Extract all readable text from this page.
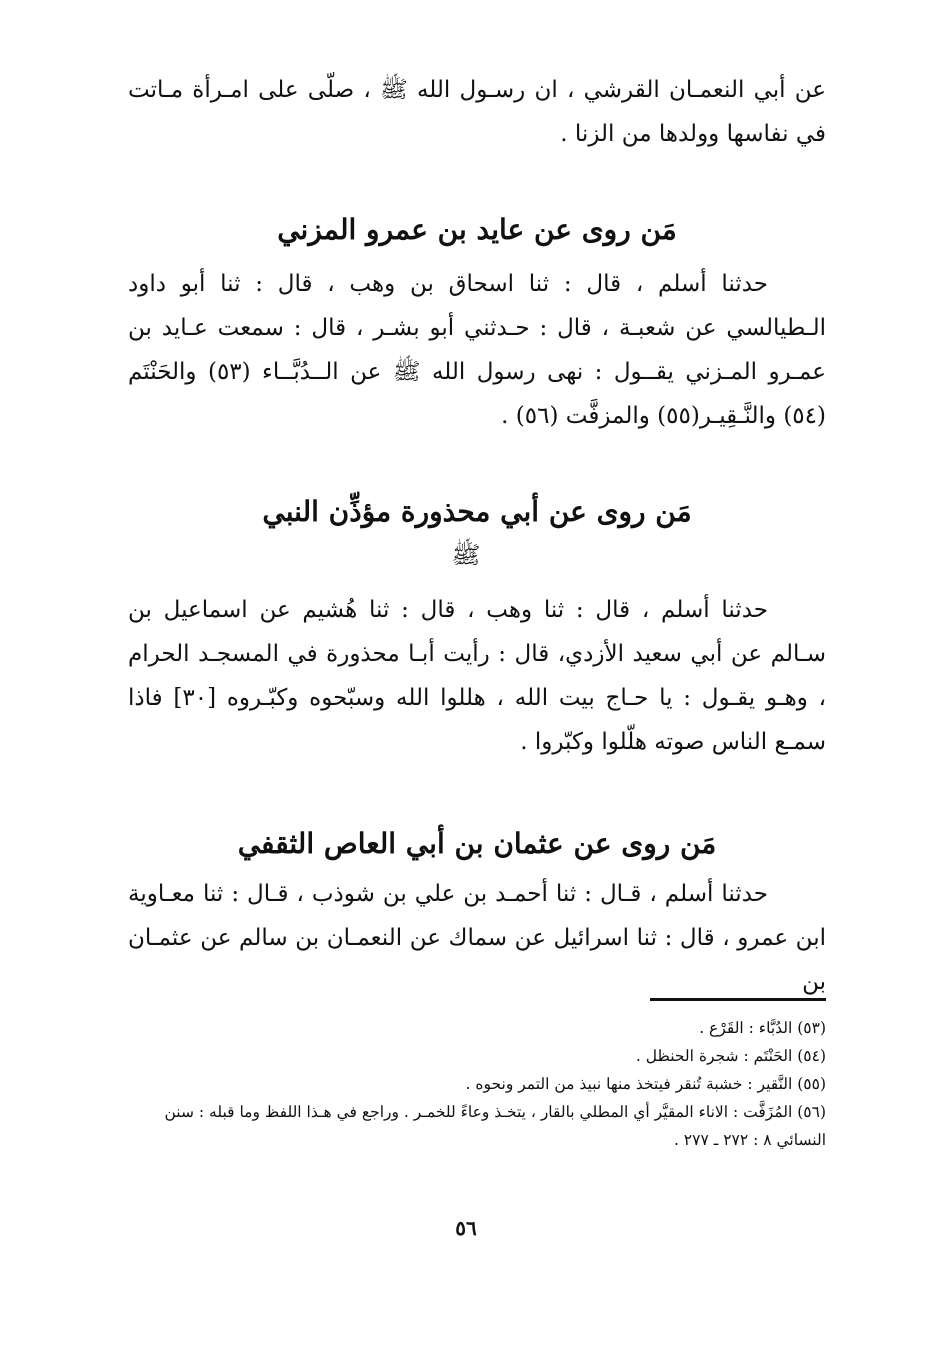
عن أبي النعمـان القرشي ، ان رسـول الله ﷺ ، صلّى على امـرأة مـاتت في نفاسها وولدها من الزنا .

مَن روى عن عايد بن عمرو المزني

حدثنا أسلم ، قال : ثنا اسحاق بن وهب ، قال : ثنا أبو داود الـطيالسي عن شعبـة ، قال : حـدثني أبو بشـر ، قال : سمعت عـايد بن عمـرو المـزني يقــول : نهى رسول الله ﷺ عن الــدُبَّــاء (٥٣) والحَنْتَم (٥٤) والنَّـقِيـر(٥٥) والمزفَّت (٥٦) .

مَن روى عن أبي محذورة مؤذِّن النبي
ﷺ

حدثنا أسلم ، قال : ثنا وهب ، قال : ثنا هُشيم عن اسماعيل بن سـالم عن أبي سعيد الأزدي، قال : رأيت أبـا محذورة في المسجـد الحرام ، وهـو يقـول : يا حـاج بيت الله ، هللوا الله وسبّحوه وكبّـروه [٣٠] فاذا سمـع الناس صوته هلّلوا وكبّروا .

مَن روى عن عثمان بن أبي العاص الثقفي

حدثنا أسلم ، قـال : ثنا أحمـد بن علي بن شوذب ، قـال : ثنا معـاوية ابن عمرو ، قال : ثنا اسرائيل عن سماك عن النعمـان بن سالم عن عثمـان بن

(٥٣) الدُبَّاء : القَرْع .
(٥٤) الحَنْتَم : شجرة الحنظل .
(٥٥) النَّقير : خشبة تُنقر فيتخذ منها نبيذ من التمر ونحوه .
(٥٦) المُزَفَّت : الاناء المقيَّر أي المطلي بالقار ، يتخـذ وعاءً للخمـر . وراجع في هـذا اللفظ وما قبله : سنن النسائي ٨ : ٢٧٢ ـ ٢٧٧ .
٥٦
